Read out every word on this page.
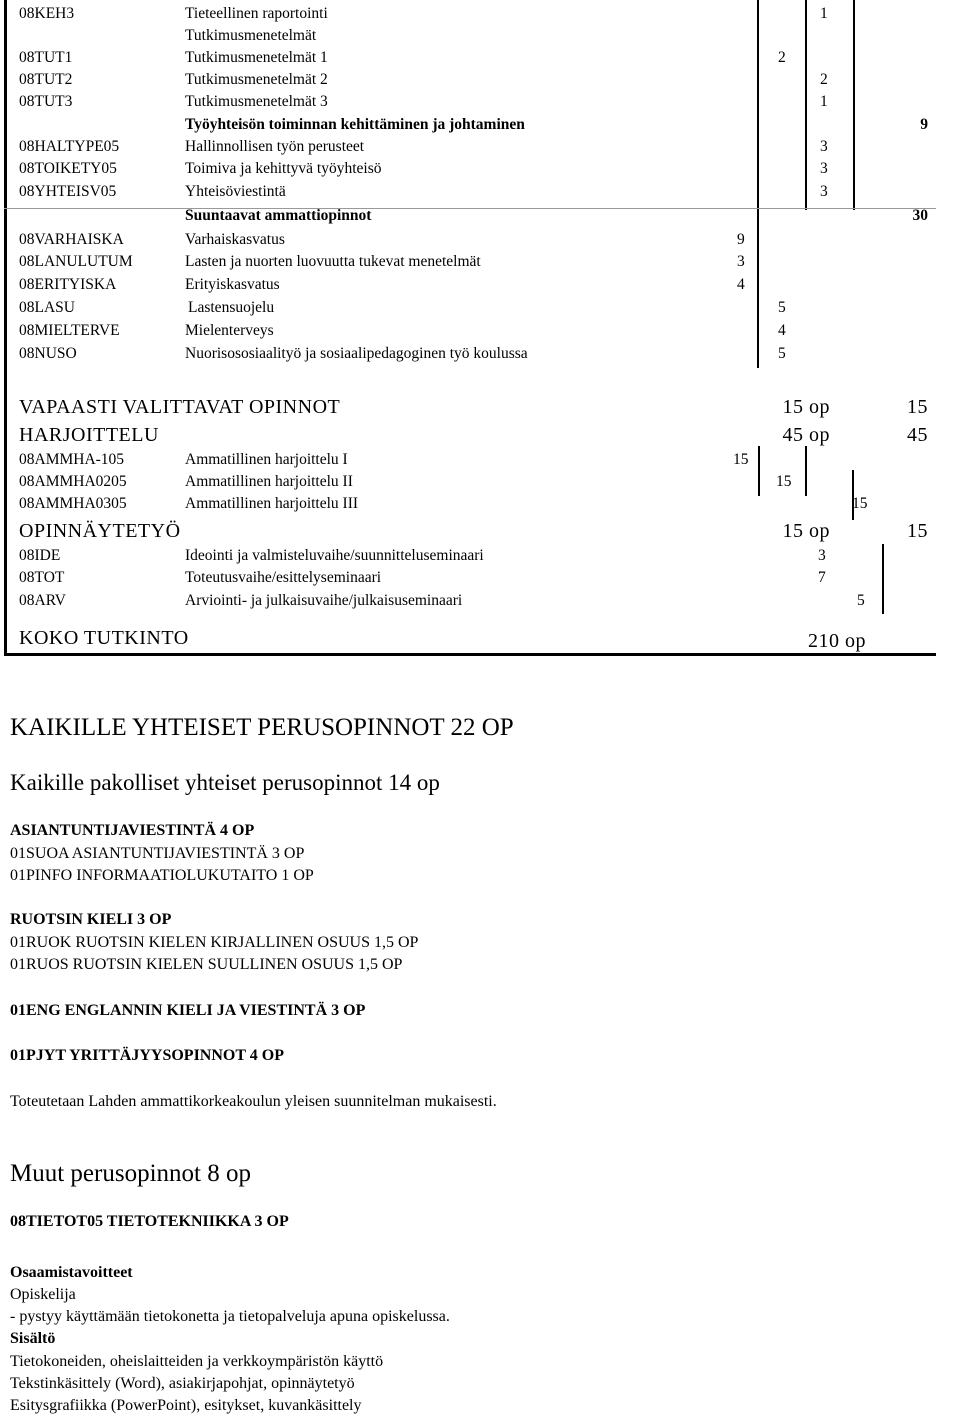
08KEH3	Tieteellinen raportointi	1
Tutkimusmenetelmät
08TUT1	Tutkimusmenetelmät 1	2
08TUT2	Tutkimusmenetelmät 2	2
08TUT3	Tutkimusmenetelmät 3	1
Työyhteisön toiminnan kehittäminen ja johtaminen	9
08HALTYPE05	Hallinnollisen työn perusteet	3
08TOIKETY05	Toimiva ja kehittyvä työyhteisö	3
08YHTEISV05	Yhteisöviestintä	3
Suuntaavat ammattiopinnot	30
08VARHAISKA	Varhaiskasvatus	9
08LANULUTUM	Lasten ja nuorten luovuutta tukevat menetelmät	3
08ERITYISKA	Erityiskasvatus	4
08LASU	Lastensuojelu	5
08MIELTERVE	Mielenterveys	4
08NUSO	Nuorisososiaalityö ja sosiaalipedagoginen työ koulussa	5
VAPAASTI VALITTAVAT OPINNOT	15 op	15
HARJOITTELU	45 op	45
08AMMHA-105	Ammatillinen harjoittelu I	15
08AMMHA0205	Ammatillinen harjoittelu II	15
08AMMHA0305	Ammatillinen harjoittelu III	15
OPINNÄYTETYÖ	15 op	15
08IDE	Ideointi ja valmisteluvaihe/suunnitteluseminaari	3
08TOT	Toteutusvaihe/esittelyseminaari	7
08ARV	Arviointi- ja julkaisuvaihe/julkaisuseminaari	5
KOKO TUTKINTO	210 op
KAIKILLE YHTEISET PERUSOPINNOT 22 OP
Kaikille pakolliset yhteiset perusopinnot 14 op
ASIANTUNTIJAVIESTINTÄ 4 OP
01SUOA ASIANTUNTIJAVIESTINTÄ 3 OP
01PINFO INFORMAATIOLUKUTAITO 1 OP
RUOTSIN KIELI 3 OP
01RUOK RUOTSIN KIELEN KIRJALLINEN OSUUS 1,5 OP
01RUOS RUOTSIN KIELEN SUULLINEN OSUUS 1,5 OP
01ENG ENGLANNIN KIELI JA VIESTINTÄ 3 OP
01PJYT YRITTÄJYYSOPINNOT 4 OP
Toteutetaan Lahden ammattikorkeakoulun yleisen suunnitelman mukaisesti.
Muut perusopinnot 8 op
08TIETOT05 TIETOTEKNIIKKA 3 OP
Osaamistavoitteet
Opiskelija
- pystyy käyttämään tietokonetta ja tietopalveluja apuna opiskelussa.
Sisältö
Tietokoneiden, oheislaitteiden ja verkkoympäristön käyttö
Tekstinkäsittely (Word), asiakirjapohjat, opinnäytetyö
Esitysgrafiikka (PowerPoint), esitykset, kuvankäsittely
